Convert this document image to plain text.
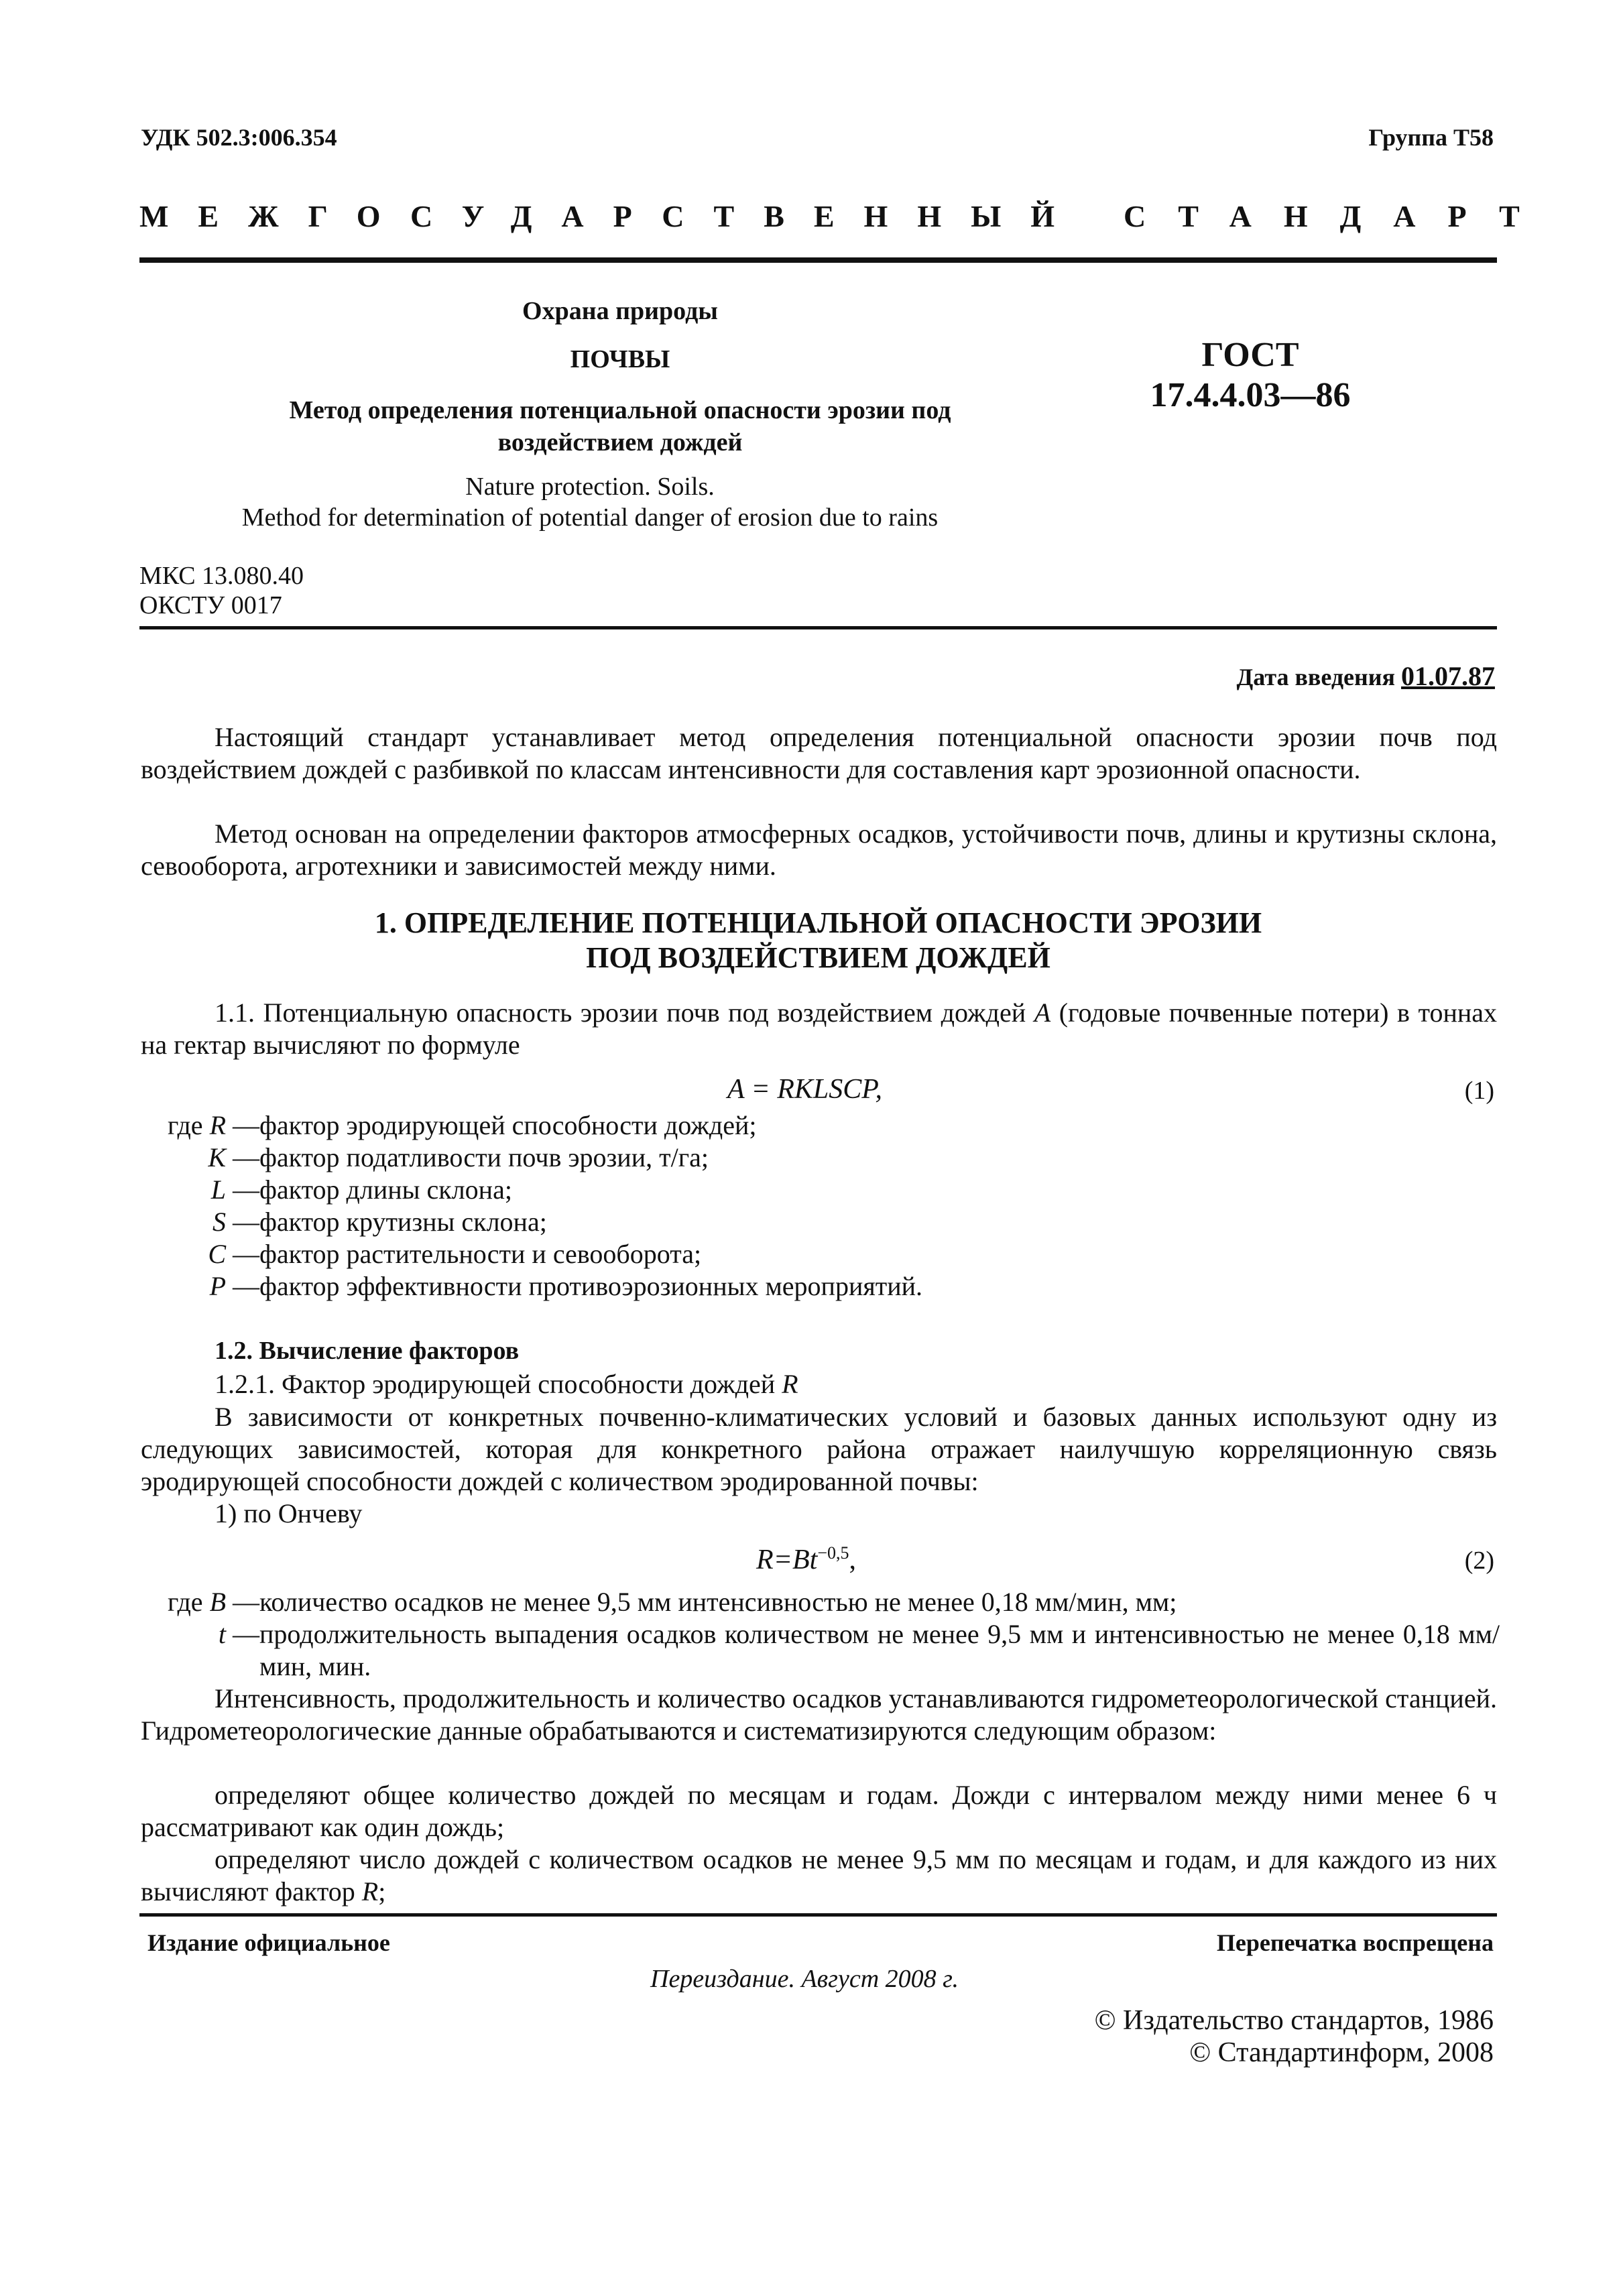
УДК 502.3:006.354	Группа Т58
МЕЖГОСУДАРСТВЕННЫЙ СТАНДАРТ
Охрана природы
ПОЧВЫ
Метод определения потенциальной опасности эрозии под
воздействием дождей
ГОСТ
17.4.4.03—86
Nature protection. Soils.
Method for determination of potential danger of erosion due to rains
МКС 13.080.40
ОКСТУ 0017
Дата введения 01.07.87
Настоящий стандарт устанавливает метод определения потенциальной опасности эрозии почв под воздействием дождей с разбивкой по классам интенсивности для составления карт эрозионной опасности.
Метод основан на определении факторов атмосферных осадков, устойчивости почв, длины и крутизны склона, севооборота, агротехники и зависимостей между ними.
1. ОПРЕДЕЛЕНИЕ ПОТЕНЦИАЛЬНОЙ ОПАСНОСТИ ЭРОЗИИ
ПОД ВОЗДЕЙСТВИЕМ ДОЖДЕЙ
1.1. Потенциальную опасность эрозии почв под воздействием дождей A (годовые почвенные потери) в тоннах на гектар вычисляют по формуле
A = RKLSCP,	(1)
где R — фактор эродирующей способности дождей;
K — фактор податливости почв эрозии, т/га;
L — фактор длины склона;
S — фактор крутизны склона;
C — фактор растительности и севооборота;
P — фактор эффективности противоэрозионных мероприятий.
1.2. Вычисление факторов
1.2.1. Фактор эродирующей способности дождей R
В зависимости от конкретных почвенно-климатических условий и базовых данных используют одну из следующих зависимостей, которая для конкретного района отражает наилучшую корреляционную связь эродирующей способности дождей с количеством эродированной почвы:
1) по Oнчеву
$R=Bt^{-0,5}$,	(2)
где B — количество осадков не менее 9,5 мм интенсивностью не менее 0,18 мм/мин, мм;
t — продолжительность выпадения осадков количеством не менее 9,5 мм и интенсивностью не менее 0,18 мм/мин, мин.
Интенсивность, продолжительность и количество осадков устанавливаются гидрометеорологической станцией. Гидрометеорологические данные обрабатываются и систематизируются следующим образом:
определяют общее количество дождей по месяцам и годам. Дожди с интервалом между ними менее 6 ч рассматривают как один дождь;
определяют число дождей с количеством осадков не менее 9,5 мм по месяцам и годам, и для каждого из них вычисляют фактор R;
Издание официальное	Перепечатка воспрещена
Переиздание. Август 2008 г.
© Издательство стандартов, 1986
© Стандартинформ, 2008
